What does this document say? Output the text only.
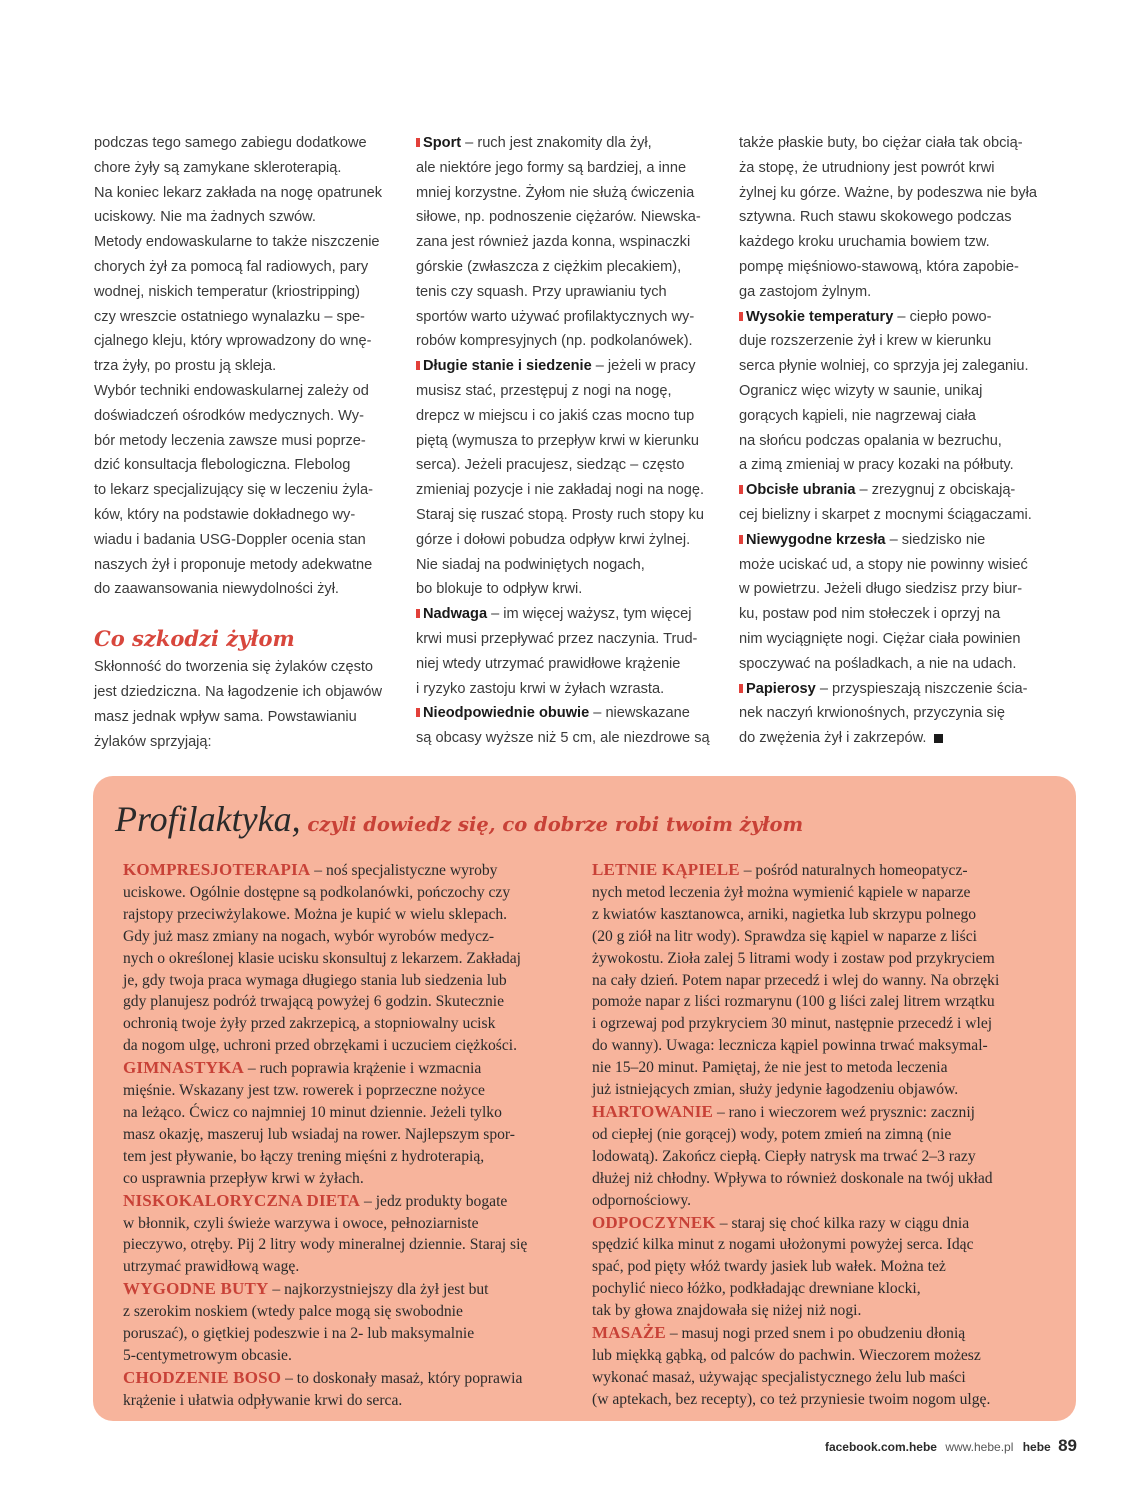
podczas tego samego zabiegu dodatkowe
chore żyły są zamykane skleroterapią.
Na koniec lekarz zakłada na nogę opatrunek
uciskowy. Nie ma żadnych szwów.
Metody endowaskularne to także niszczenie
chorych żył za pomocą fal radiowych, pary
wodnej, niskich temperatur (kriostripping)
czy wreszcie ostatniego wynalazku – spe-
cjalnego kleju, który wprowadzony do wnę-
trza żyły, po prostu ją skleja.
Wybór techniki endowaskularnej zależy od
doświadczeń ośrodków medycznych. Wy-
bór metody leczenia zawsze musi poprze-
dzić konsultacja flebologiczna. Flebolog
to lekarz specjalizujący się w leczeniu żyla-
ków, który na podstawie dokładnego wy-
wiadu i badania USG-Doppler ocenia stan
naszych żył i proponuje metody adekwatne
do zaawansowania niewydolności żył.
Co szkodzi żyłom
Skłonność do tworzenia się żylaków często
jest dziedziczna. Na łagodzenie ich objawów
masz jednak wpływ sama. Powstawianiu
żylaków sprzyjają:

Sport – ruch jest znakomity dla żył,
ale niektóre jego formy są bardziej, a inne
mniej korzystne. Żyłom nie służą ćwiczenia
siłowe, np. podnoszenie ciężarów. Niewska-
zana jest również jazda konna, wspinaczki
górskie (zwłaszcza z ciężkim plecakiem),
tenis czy squash. Przy uprawianiu tych
sportów warto używać profilaktycznych wy-
robów kompresyjnych (np. podkolanówek).

Długie stanie i siedzenie – jeżeli w pracy
musisz stać, przestępuj z nogi na nogę,
drepcz w miejscu i co jakiś czas mocno tup
piętą (wymusza to przepływ krwi w kierunku
serca). Jeżeli pracujesz, siedząc – często
zmieniaj pozycje i nie zakładaj nogi na nogę.
Staraj się ruszać stopą. Prosty ruch stopy ku
górze i dołowi pobudza odpływ krwi żylnej.
Nie siadaj na podwiniętych nogach,
bo blokuje to odpływ krwi.

Nadwaga – im więcej ważysz, tym więcej
krwi musi przepływać przez naczynia. Trud-
niej wtedy utrzymać prawidłowe krążenie
i ryzyko zastoju krwi w żyłach wzrasta.

Nieodpowiednie obuwie – niewskazane
są obcasy wyższe niż 5 cm, ale niezdrowe są

także płaskie buty, bo ciężar ciała tak obcią-
ża stopę, że utrudniony jest powrót krwi
żylnej ku górze. Ważne, by podeszwa nie była
sztywna. Ruch stawu skokowego podczas
każdego kroku uruchamia bowiem tzw.
pompę mięśniowo-stawową, która zapobie-
ga zastojom żylnym.

Wysokie temperatury – ciepło powo-
duje rozszerzenie żył i krew w kierunku
serca płynie wolniej, co sprzyja jej zaleganiu.
Ogranicz więc wizyty w saunie, unikaj
gorących kąpieli, nie nagrzewaj ciała
na słońcu podczas opalania w bezruchu,
a zimą zmieniaj w pracy kozaki na półbuty.

Obcisłe ubrania – zrezygnuj z obciskają-
cej bielizny i skarpet z mocnymi ściągaczami.

Niewygodne krzesła – siedzisko nie
może uciskać ud, a stopy nie powinny wisieć
w powietrzu. Jeżeli długo siedzisz przy biur-
ku, postaw pod nim stołeczek i oprzyj na
nim wyciągnięte nogi. Ciężar ciała powinien
spoczywać na pośladkach, a nie na udach.

Papierosy – przyspieszają niszczenie ścia-
nek naczyń krwionośnych, przyczynia się
do zwężenia żył i zakrzepów.

Profilaktyka, czyli dowiedz się, co dobrze robi twoim żyłom

KOMPRESJOTERAPIA – noś specjalistyczne wyroby
uciskowe. Ogólnie dostępne są podkolanówki, pończochy czy
rajstopy przeciwżylakowe. Można je kupić w wielu sklepach.
Gdy już masz zmiany na nogach, wybór wyrobów medycz-
nych o określonej klasie ucisku skonsultuj z lekarzem. Zakładaj
je, gdy twoja praca wymaga długiego stania lub siedzenia lub
gdy planujesz podróż trwającą powyżej 6 godzin. Skutecznie
ochronią twoje żyły przed zakrzepicą, a stopniowalny ucisk
da nogom ulgę, uchroni przed obrzękami i uczuciem ciężkości.

GIMNASTYKA – ruch poprawia krążenie i wzmacnia
mięśnie. Wskazany jest tzw. rowerek i poprzeczne nożyce
na leżąco. Ćwicz co najmniej 10 minut dziennie. Jeżeli tylko
masz okazję, maszeruj lub wsiadaj na rower. Najlepszym spor-
tem jest pływanie, bo łączy trening mięśni z hydroterapią,
co usprawnia przepływ krwi w żyłach.

NISKOKALORYCZNA DIETA – jedz produkty bogate
w błonnik, czyli świeże warzywa i owoce, pełnoziarniste
pieczywo, otręby. Pij 2 litry wody mineralnej dziennie. Staraj się
utrzymać prawidłową wagę.

WYGODNE BUTY – najkorzystniejszy dla żył jest but
z szerokim noskiem (wtedy palce mogą się swobodnie
poruszać), o giętkiej podeszwie i na 2- lub maksymalnie
5-centymetrowym obcasie.

CHODZENIE BOSO – to doskonały masaż, który poprawia
krążenie i ułatwia odpływanie krwi do serca.

LETNIE KĄPIELE – pośród naturalnych homeopatycz-
nych metod leczenia żył można wymienić kąpiele w naparze
z kwiatów kasztanowca, arniki, nagietka lub skrzypu polnego
(20 g ziół na litr wody). Sprawdza się kąpiel w naparze z liści
żywokostu. Zioła zalej 5 litrami wody i zostaw pod przykryciem
na cały dzień. Potem napar przecedź i wlej do wanny. Na obrzęki
pomoże napar z liści rozmarynu (100 g liści zalej litrem wrzątku
i ogrzewaj pod przykryciem 30 minut, następnie przecedź i wlej
do wanny). Uwaga: lecznicza kąpiel powinna trwać maksymal-
nie 15–20 minut. Pamiętaj, że nie jest to metoda leczenia
już istniejących zmian, służy jedynie łagodzeniu objawów.

HARTOWANIE – rano i wieczorem weź prysznic: zacznij
od ciepłej (nie gorącej) wody, potem zmień na zimną (nie
lodowatą). Zakończ ciepłą. Ciepły natrysk ma trwać 2–3 razy
dłużej niż chłodny. Wpływa to również doskonale na twój układ
odpornościowy.

ODPOCZYNEK – staraj się choć kilka razy w ciągu dnia
spędzić kilka minut z nogami ułożonymi powyżej serca. Idąc
spać, pod pięty włóż twardy jasiek lub wałek. Można też
pochylić nieco łóżko, podkładając drewniane klocki,
tak by głowa znajdowała się niżej niż nogi.

MASAŻE – masuj nogi przed snem i po obudzeniu dłonią
lub miękką gąbką, od palców do pachwin. Wieczorem możesz
wykonać masaż, używając specjalistycznego żelu lub maści
(w aptekach, bez recepty), co też przyniesie twoim nogom ulgę.

facebook.com.hebe www.hebe.pl hebe 89
